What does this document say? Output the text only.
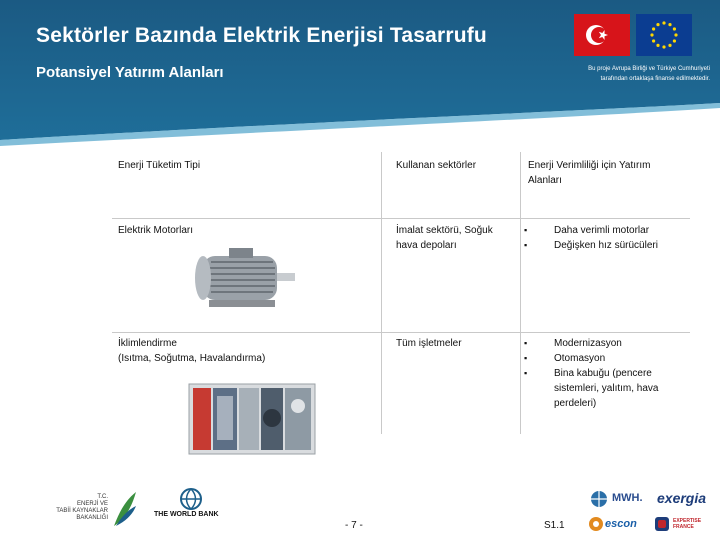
Sektörler Bazında Elektrik Enerjisi Tasarrufu
Potansiyel Yatırım Alanları	Bu proje Avrupa Birliği ve Türkiye Cumhuriyeti
tarafından ortaklaşa finanse edilmektedir.
Enerji Tüketim Tipi	Kullanan sektörler	Enerji Verimliliği için Yatırım Alanları
Elektrik Motorları	İmalat sektörü, Soğuk hava depoları
▪ Daha verimli motorlar
▪ Değişken hız sürücüleri
İklimlendirme
(Isıtma, Soğutma, Havalandırma)
Tüm işletmeler
▪	Modernizasyon
▪ Otomasyon
▪ Bina kabuğu (pencere sistemleri, yalıtım, hava perdeleri)
T.C.
ENERJİ VE
TABİİ KAYNAKLAR
BAKANLIĞI	THE WORLD BANK
- 7 -	S1.1
MWH. exergia
escon	EXPERTISE
FRANCE
